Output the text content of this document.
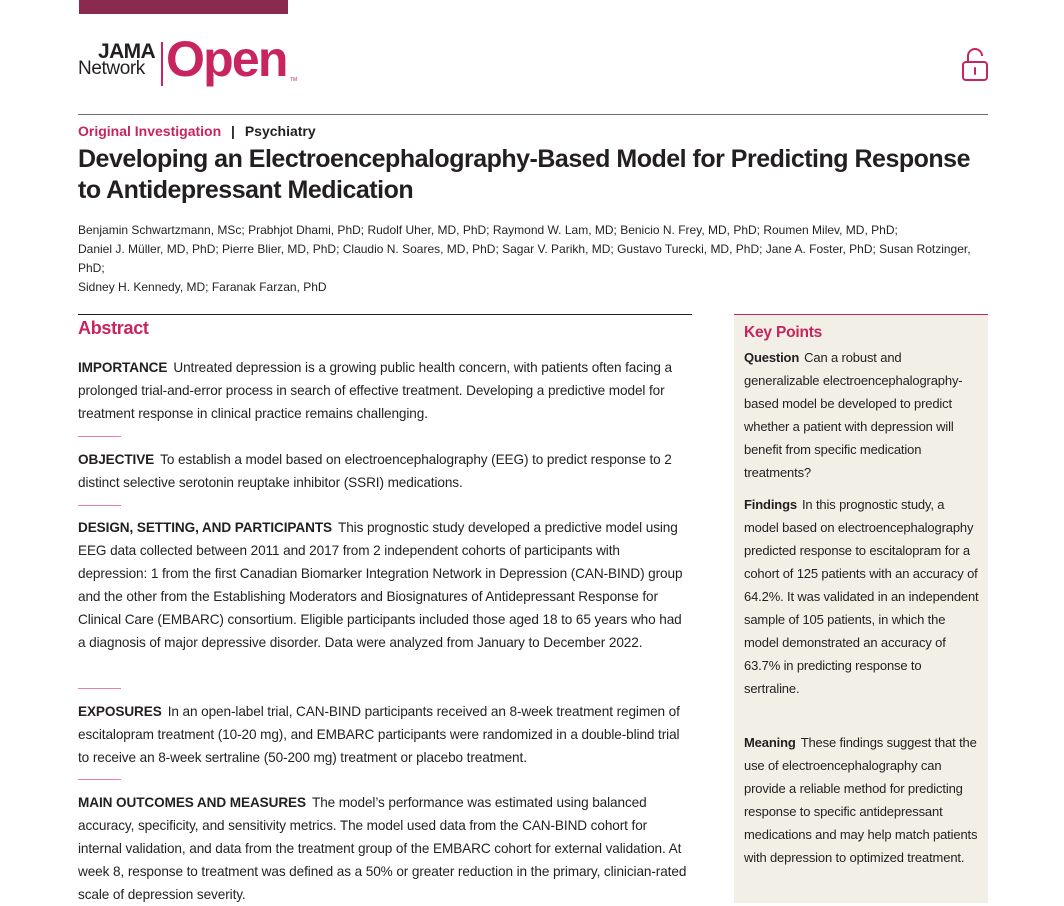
JAMA
Network Open TM
Original Investigation | Psychiatry
Developing an Electroencephalography-Based Model for Predicting Response to Antidepressant Medication
Benjamin Schwartzmann, MSc; Prabhjot Dhami, PhD; Rudolf Uher, MD, PhD; Raymond W. Lam, MD; Benicio N. Frey, MD, PhD; Roumen Milev, MD, PhD;
Daniel J. Müller, MD, PhD; Pierre Blier, MD, PhD; Claudio N. Soares, MD, PhD; Sagar V. Parikh, MD; Gustavo Turecki, MD, PhD; Jane A. Foster, PhD; Susan Rotzinger, PhD;
Sidney H. Kennedy, MD; Faranak Farzan, PhD
Abstract

IMPORTANCE Untreated depression is a growing public health concern, with patients often facing a prolonged trial-and-error process in search of effective treatment. Developing a predictive model for treatment response in clinical practice remains challenging.

OBJECTIVE To establish a model based on electroencephalography (EEG) to predict response to 2 distinct selective serotonin reuptake inhibitor (SSRI) medications.

DESIGN, SETTING, AND PARTICIPANTS This prognostic study developed a predictive model using EEG data collected between 2011 and 2017 from 2 independent cohorts of participants with depression: 1 from the first Canadian Biomarker Integration Network in Depression (CAN-BIND) group and the other from the Establishing Moderators and Biosignatures of Antidepressant Response for Clinical Care (EMBARC) consortium. Eligible participants included those aged 18 to 65 years who had a diagnosis of major depressive disorder. Data were analyzed from January to December 2022.

EXPOSURES In an open-label trial, CAN-BIND participants received an 8-week treatment regimen of escitalopram treatment (10-20 mg), and EMBARC participants were randomized in a double-blind trial to receive an 8-week sertraline (50-200 mg) treatment or placebo treatment.

MAIN OUTCOMES AND MEASURES The model’s performance was estimated using balanced accuracy, specificity, and sensitivity metrics. The model used data from the CAN-BIND cohort for internal validation, and data from the treatment group of the EMBARC cohort for external validation. At week 8, response to treatment was defined as a 50% or greater reduction in the primary, clinician-rated scale of depression severity.

Key Points

Question Can a robust and generalizable electroencephalography-based model be developed to predict whether a patient with depression will benefit from specific medication treatments?

Findings In this prognostic study, a model based on electroencephalography predicted response to escitalopram for a cohort of 125 patients with an accuracy of 64.2%. It was validated in an independent sample of 105 patients, in which the model demonstrated an accuracy of 63.7% in predicting response to sertraline.

Meaning These findings suggest that the use of electroencephalography can provide a reliable method for predicting response to specific antidepressant medications and may help match patients with depression to optimized treatment.
